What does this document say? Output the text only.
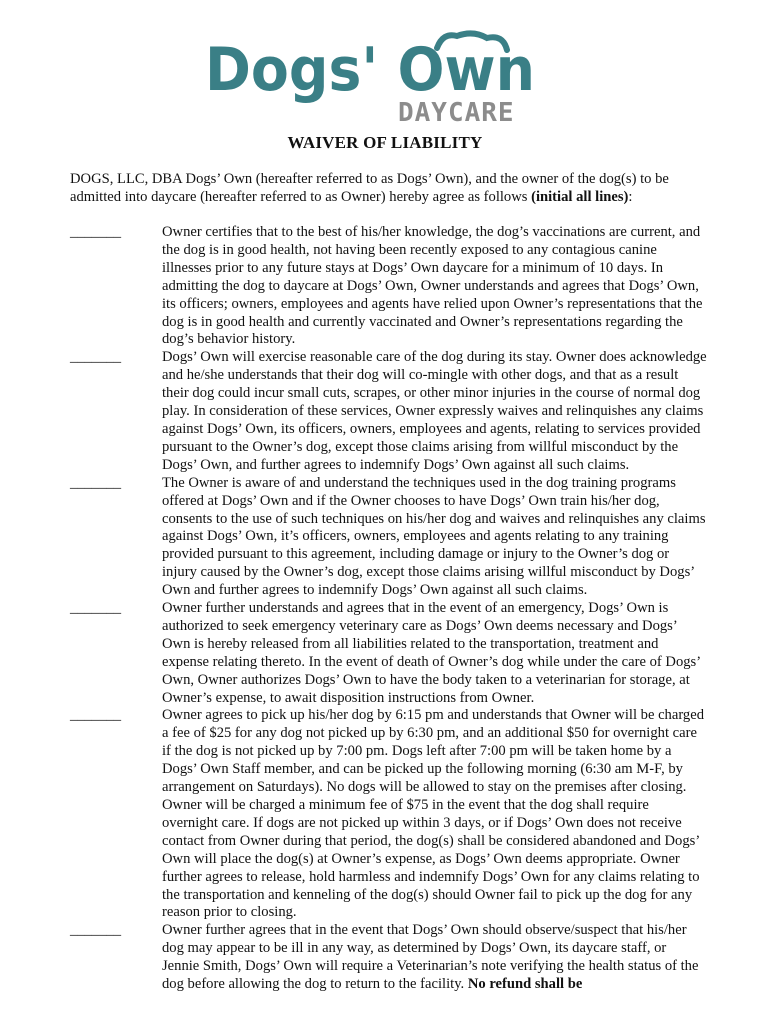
Dogs' Own
DAYCARE
WAIVER OF LIABILITY
DOGS, LLC, DBA Dogs’ Own (hereafter referred to as Dogs’ Own), and the owner of the dog(s) to be admitted into daycare (hereafter referred to as Owner) hereby agree as follows (initial all lines):
_______	Owner certifies that to the best of his/her knowledge, the dog’s vaccinations are current, and the dog is in good health, not having been recently exposed to any contagious canine illnesses prior to any future stays at Dogs’ Own daycare for a minimum of 10 days. In admitting the dog to daycare at Dogs’ Own, Owner understands and agrees that Dogs’ Own, its officers; owners, employees and agents have relied upon Owner’s representations that the dog is in good health and currently vaccinated and Owner’s representations regarding the dog’s behavior history.
_______	Dogs’ Own will exercise reasonable care of the dog during its stay. Owner does acknowledge and he/she understands that their dog will co-mingle with other dogs, and that as a result their dog could incur small cuts, scrapes, or other minor injuries in the course of normal dog play. In consideration of these services, Owner expressly waives and relinquishes any claims against Dogs’ Own, its officers, owners, employees and agents, relating to services provided pursuant to the Owner’s dog, except those claims arising from willful misconduct by the Dogs’ Own, and further agrees to indemnify Dogs’ Own against all such claims.
_______	The Owner is aware of and understand the techniques used in the dog training programs offered at Dogs’ Own and if the Owner chooses to have Dogs’ Own train his/her dog, consents to the use of such techniques on his/her dog and waives and relinquishes any claims against Dogs’ Own, it’s officers, owners, employees and agents relating to any training provided pursuant to this agreement, including damage or injury to the Owner’s dog or injury caused by the Owner’s dog, except those claims arising willful misconduct by Dogs’ Own and further agrees to indemnify Dogs’ Own against all such claims.
_______	Owner further understands and agrees that in the event of an emergency, Dogs’ Own is authorized to seek emergency veterinary care as Dogs’ Own deems necessary and Dogs’ Own is hereby released from all liabilities related to the transportation, treatment and expense relating thereto. In the event of death of Owner’s dog while under the care of Dogs’ Own, Owner authorizes Dogs’ Own to have the body taken to a veterinarian for storage, at Owner’s expense, to await disposition instructions from Owner.
_______	Owner agrees to pick up his/her dog by 6:15 pm and understands that Owner will be charged a fee of $25 for any dog not picked up by 6:30 pm, and an additional $50 for overnight care if the dog is not picked up by 7:00 pm. Dogs left after 7:00 pm will be taken home by a Dogs’ Own Staff member, and can be picked up the following morning (6:30 am M-F, by arrangement on Saturdays). No dogs will be allowed to stay on the premises after closing. Owner will be charged a minimum fee of $75 in the event that the dog shall require overnight care. If dogs are not picked up within 3 days, or if Dogs’ Own does not receive contact from Owner during that period, the dog(s) shall be considered abandoned and Dogs’ Own will place the dog(s) at Owner’s expense, as Dogs’ Own deems appropriate. Owner further agrees to release, hold harmless and indemnify Dogs’ Own for any claims relating to the transportation and kenneling of the dog(s) should Owner fail to pick up the dog for any reason prior to closing.
_______	Owner further agrees that in the event that Dogs’ Own should observe/suspect that his/her dog may appear to be ill in any way, as determined by Dogs’ Own, its daycare staff, or Jennie Smith, Dogs’ Own will require a Veterinarian’s note verifying the health status of the dog before allowing the dog to return to the facility. No refund shall be
